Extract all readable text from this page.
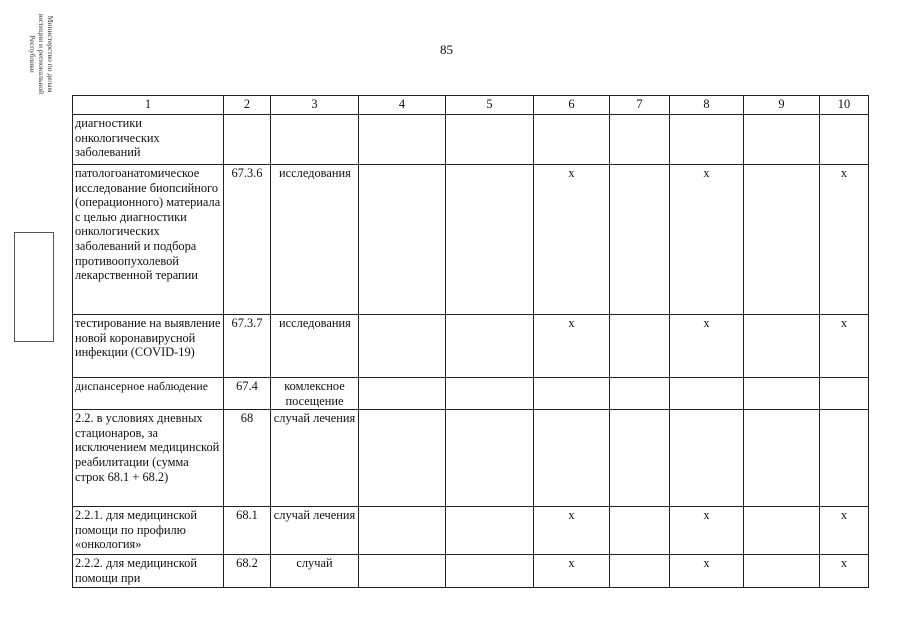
85
Министерство по делам
юстиции и региональной
Республики
1	2	3	4	5	6	7	8	9	10
диагностики онкологических заболеваний									
патологоанатомическое исследование биопсийного (операционного) материала с целью диагностики онкологических заболеваний и подбора противоопухолевой лекарственной терапии	67.3.6	исследования			х		х		х
тестирование на выявление новой коронавирусной инфекции (COVID-19)	67.3.7	исследования			х		х		х
диспансерное наблюдение	67.4	комлексное посещение							
2.2. в условиях дневных стационаров, за исключением медицинской реабилитации (сумма строк 68.1 + 68.2)	68	случай лечения							
2.2.1. для медицинской помощи по профилю «онкология»	68.1	случай лечения			х		х		х
2.2.2. для медицинской помощи при	68.2	случай			х		х		х
